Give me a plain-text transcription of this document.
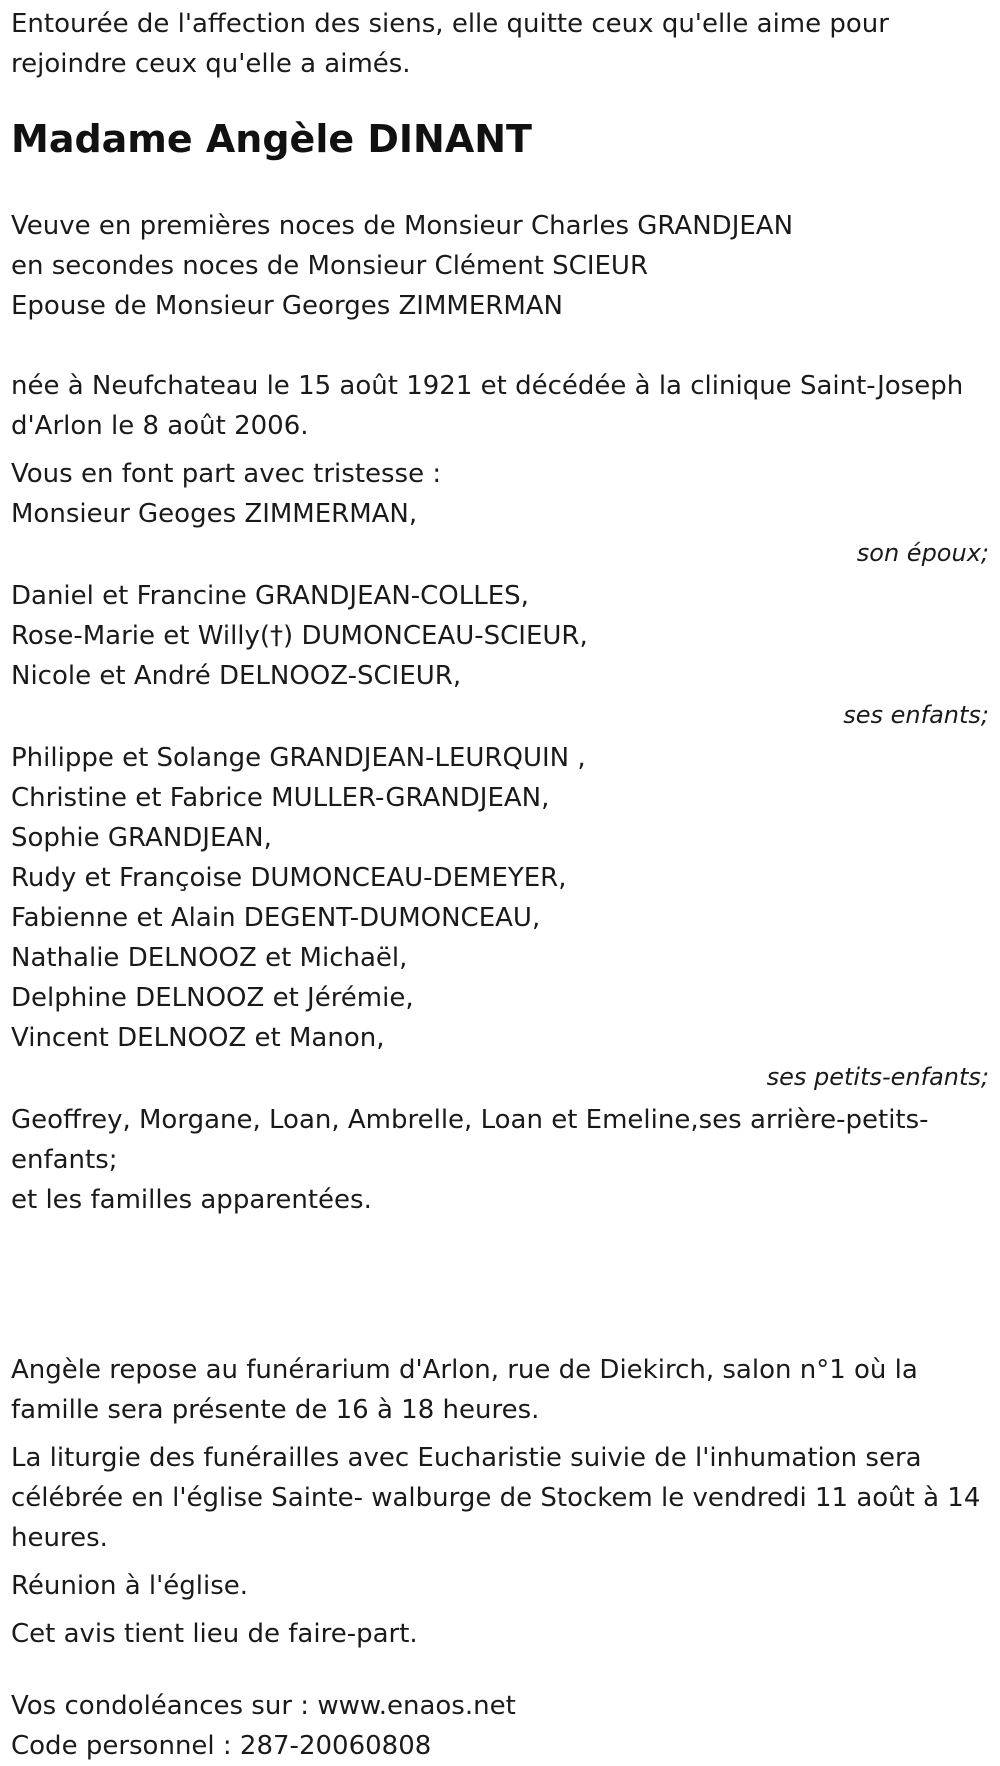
Entourée de l'affection des siens, elle quitte ceux qu'elle aime pour

rejoindre ceux qu'elle a aimés.

Madame Angèle DINANT

Veuve en premières noces de Monsieur Charles GRANDJEAN

en secondes noces de Monsieur Clément SCIEUR

Epouse de Monsieur Georges ZIMMERMAN

née à Neufchateau le 15 août 1921 et décédée à la clinique Saint-Joseph

d'Arlon le 8 août 2006.

Vous en font part avec tristesse :

Monsieur Geoges ZIMMERMAN,

son époux;

Daniel et Francine GRANDJEAN-COLLES,

Rose-Marie et Willy(†) DUMONCEAU-SCIEUR,

Nicole et André DELNOOZ-SCIEUR,

ses enfants;

Philippe et Solange GRANDJEAN-LEURQUIN ,

Christine et Fabrice MULLER-GRANDJEAN,

Sophie GRANDJEAN,

Rudy et Françoise DUMONCEAU-DEMEYER,

Fabienne et Alain DEGENT-DUMONCEAU,

Nathalie DELNOOZ et Michaël,

Delphine DELNOOZ et Jérémie,

Vincent DELNOOZ et Manon,

ses petits-enfants;

Geoffrey, Morgane, Loan, Ambrelle, Loan et Emeline,ses arrière-petits-

enfants;

et les familles apparentées.

Angèle repose au funérarium d'Arlon, rue de Diekirch, salon n°1 où la

famille sera présente de 16 à 18 heures.

La liturgie des funérailles avec Eucharistie suivie de l'inhumation sera

célébrée en l'église Sainte- walburge de Stockem le vendredi 11 août à 14

heures.

Réunion à l'église.

Cet avis tient lieu de faire-part.

Vos condoléances sur : www.enaos.net

Code personnel : 287-20060808
